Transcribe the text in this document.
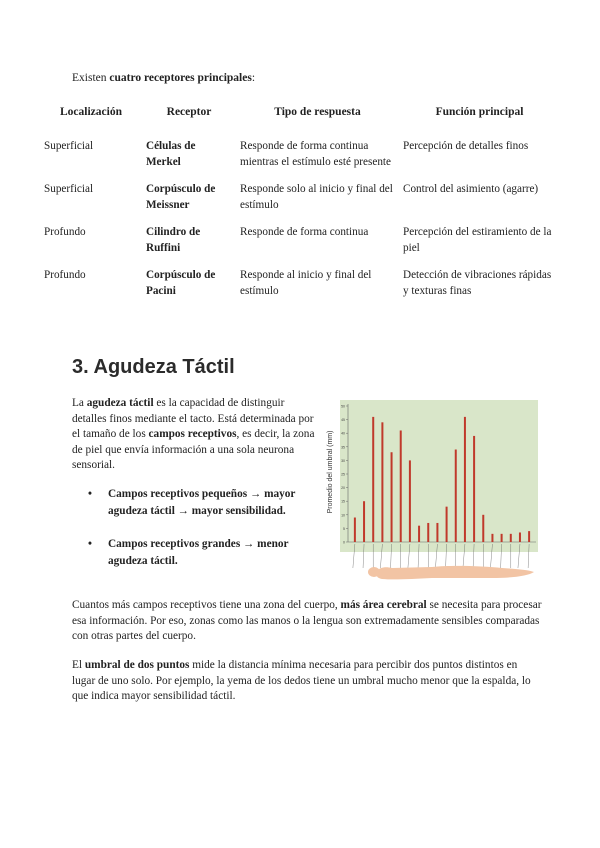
Existen cuatro receptores principales:
Localización	Receptor	Tipo de respuesta	Función principal
Superficial	Células de Merkel	Responde de forma continua mientras el estímulo esté presente	Percepción de detalles finos
Superficial	Corpúsculo de Meissner	Responde solo al inicio y final del estímulo	Control del asimiento (agarre)
Profundo	Cilindro de Ruffini	Responde de forma continua	Percepción del estiramiento de la piel
Profundo	Corpúsculo de Pacini	Responde al inicio y final del estímulo	Detección de vibraciones rápidas y texturas finas
3. Agudeza Táctil
La agudeza táctil es la capacidad de distinguir detalles finos mediante el tacto. Está determinada por el tamaño de los campos receptivos, es decir, la zona de piel que envía información a una sola neurona sensorial.
• Campos receptivos pequeños → mayor agudeza táctil → mayor sensibilidad.
• Campos receptivos grandes → menor agudeza táctil.
0
5
10
15
20
25
30
35
40
45
50
Promedio del umbral (mm)
Cuantos más campos receptivos tiene una zona del cuerpo, más área cerebral se necesita para procesar esa información. Por eso, zonas como las manos o la lengua son extremadamente sensibles comparadas con otras partes del cuerpo.
El umbral de dos puntos mide la distancia mínima necesaria para percibir dos puntos distintos en lugar de uno solo. Por ejemplo, la yema de los dedos tiene un umbral mucho menor que la espalda, lo que indica mayor sensibilidad táctil.
